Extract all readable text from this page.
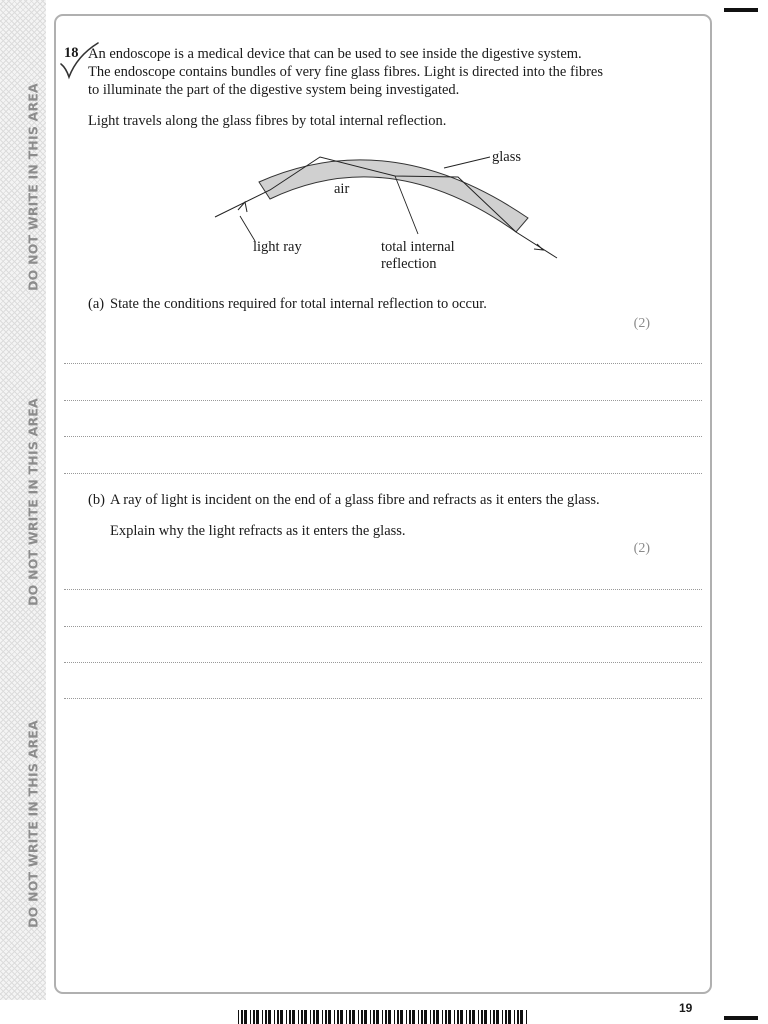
DO NOT WRITE IN THIS AREA
DO NOT WRITE IN THIS AREA
DO NOT WRITE IN THIS AREA
18 An endoscope is a medical device that can be used to see inside the digestive system.
The endoscope contains bundles of very fine glass fibres. Light is directed into the fibres
to illuminate the part of the digestive system being investigated.
Light travels along the glass fibres by total internal reflection.
glass
air
light ray	total internal
reflection
(a) State the conditions required for total internal reflection to occur.
(2)
(b) A ray of light is incident on the end of a glass fibre and refracts as it enters the glass.
Explain why the light refracts as it enters the glass.
(2)
19
